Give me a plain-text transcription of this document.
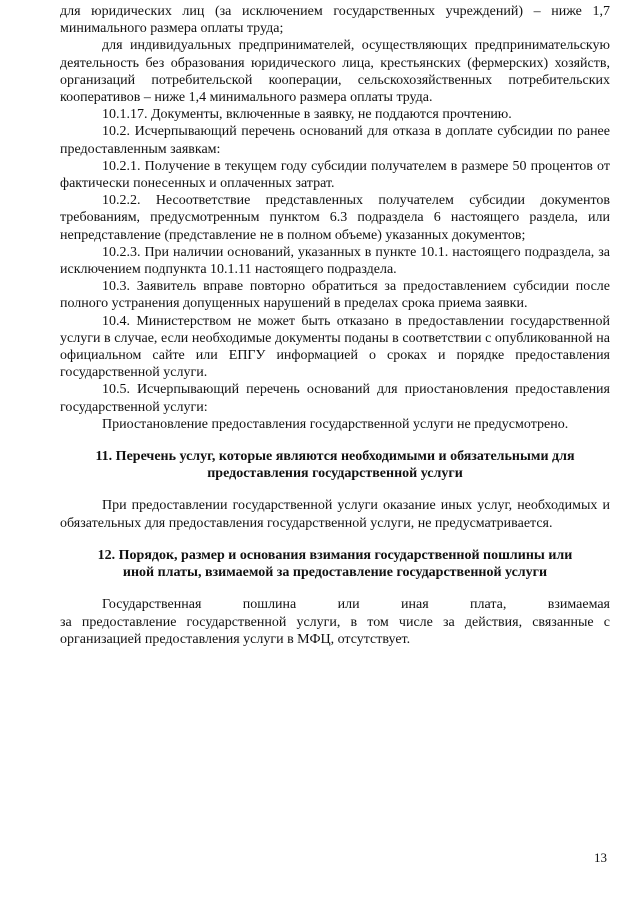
для юридических лиц (за исключением государственных учреждений) – ниже 1,7 минимального размера оплаты труда;

для индивидуальных предпринимателей, осуществляющих предпринимательскую деятельность без образования юридического лица, крестьянских (фермерских) хозяйств, организаций потребительской кооперации, сельскохозяйственных потребительских кооперативов – ниже 1,4 минимального размера оплаты труда.

10.1.17. Документы, включенные в заявку, не поддаются прочтению.

10.2. Исчерпывающий перечень оснований для отказа в доплате субсидии по ранее предоставленным заявкам:

10.2.1. Получение в текущем году субсидии получателем в размере 50 процентов от фактически понесенных и оплаченных затрат.

10.2.2. Несоответствие представленных получателем субсидии документов требованиям, предусмотренным пунктом 6.3 подраздела 6 настоящего раздела, или непредставление (представление не в полном объеме) указанных документов;

10.2.3. При наличии оснований, указанных в пункте 10.1. настоящего подраздела, за исключением подпункта 10.1.11 настоящего подраздела.

10.3. Заявитель вправе повторно обратиться за предоставлением субсидии после полного устранения допущенных нарушений в пределах срока приема заявки.

10.4. Министерством не может быть отказано в предоставлении государственной услуги в случае, если необходимые документы поданы в соответствии с опубликованной на официальном сайте или ЕПГУ информацией о сроках и порядке предоставления государственной услуги.

10.5. Исчерпывающий перечень оснований для приостановления предоставления государственной услуги:

Приостановление предоставления государственной услуги не предусмотрено.

11. Перечень услуг, которые являются необходимыми и обязательными для
предоставления государственной услуги

При предоставлении государственной услуги оказание иных услуг, необходимых и обязательных для предоставления государственной услуги, не предусматривается.

12. Порядок, размер и основания взимания государственной пошлины или
иной платы, взимаемой за предоставление государственной услуги

Государственная пошлина или иная плата, взимаемая

за предоставление государственной услуги, в том числе за действия, связанные с организацией предоставления услуги в МФЦ, отсутствует.

13
